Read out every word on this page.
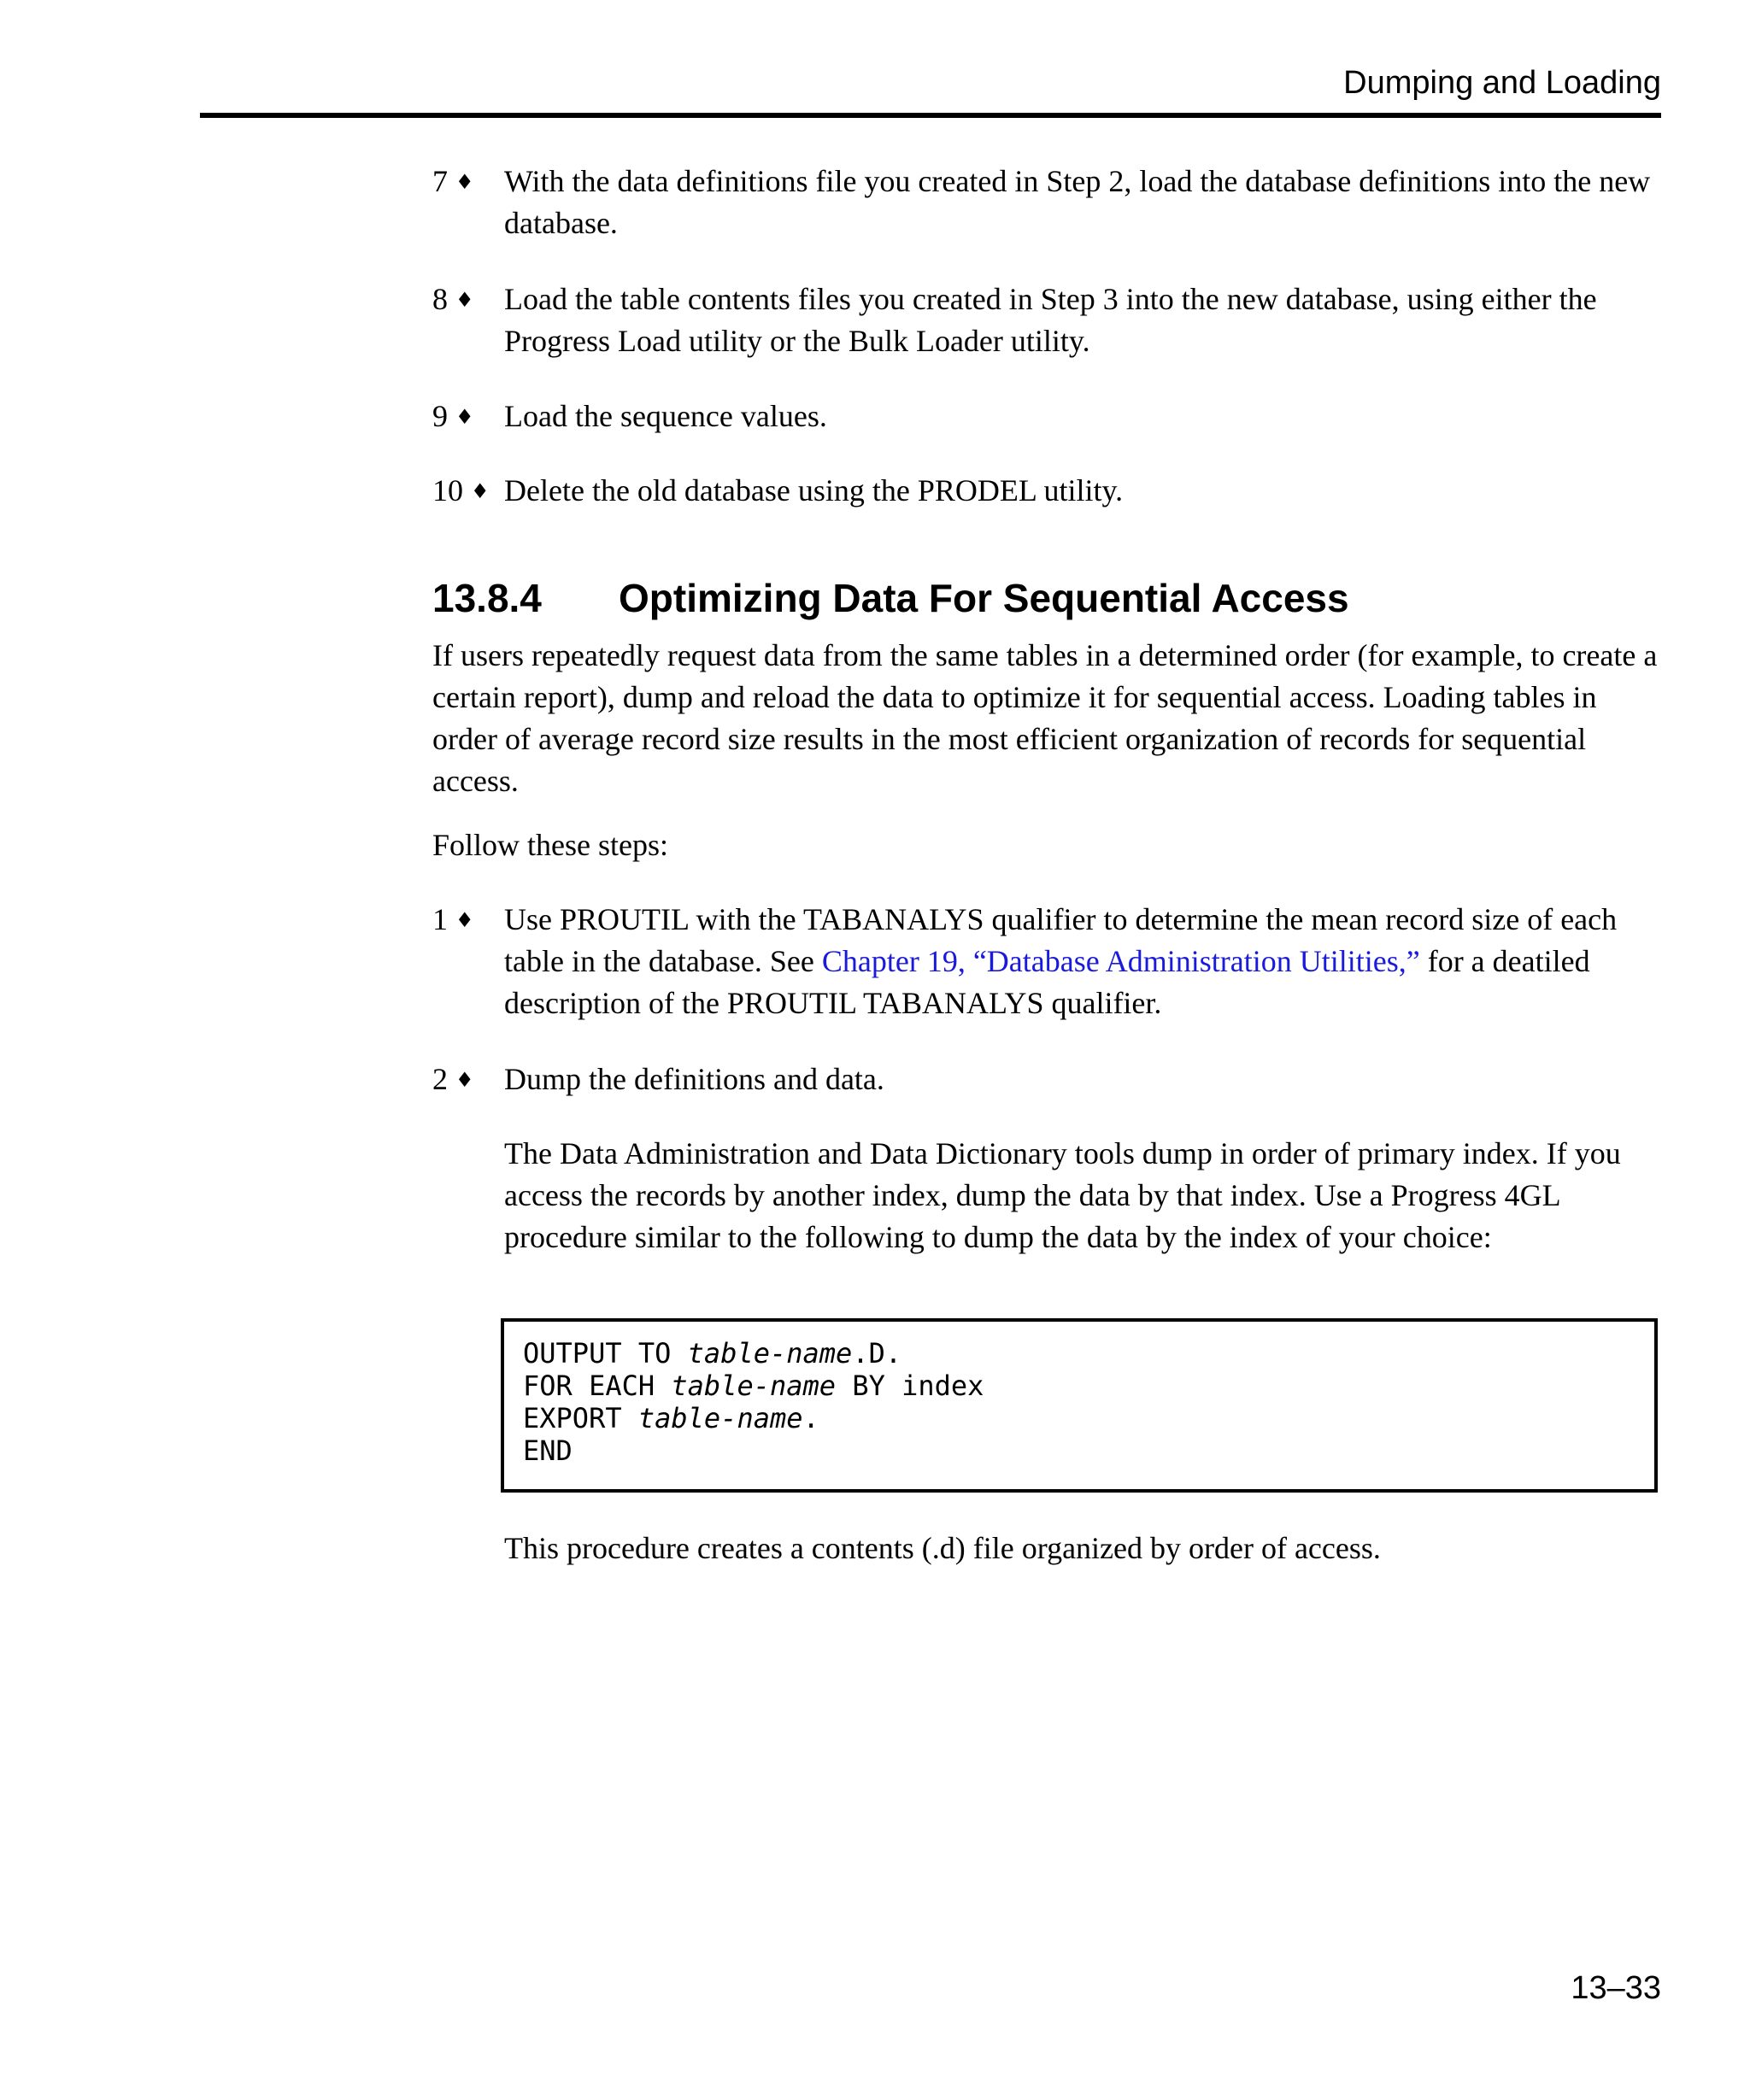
Dumping and Loading
7 ♦ With the data definitions file you created in Step 2, load the database definitions into the new database.
8 ♦ Load the table contents files you created in Step 3 into the new database, using either the Progress Load utility or the Bulk Loader utility.
9 ♦ Load the sequence values.
10 ♦ Delete the old database using the PRODEL utility.
13.8.4 Optimizing Data For Sequential Access
If users repeatedly request data from the same tables in a determined order (for example, to create a certain report), dump and reload the data to optimize it for sequential access. Loading tables in order of average record size results in the most efficient organization of records for sequential access.
Follow these steps:
1 ♦ Use PROUTIL with the TABANALYS qualifier to determine the mean record size of each table in the database. See Chapter 19, “Database Administration Utilities,” for a deatiled description of the PROUTIL TABANALYS qualifier.
2 ♦ Dump the definitions and data.
The Data Administration and Data Dictionary tools dump in order of primary index. If you access the records by another index, dump the data by that index. Use a Progress 4GL procedure similar to the following to dump the data by the index of your choice:
OUTPUT TO table-name.D.
FOR EACH table-name BY index
EXPORT table-name.
END
This procedure creates a contents (.d) file organized by order of access.
13–33
